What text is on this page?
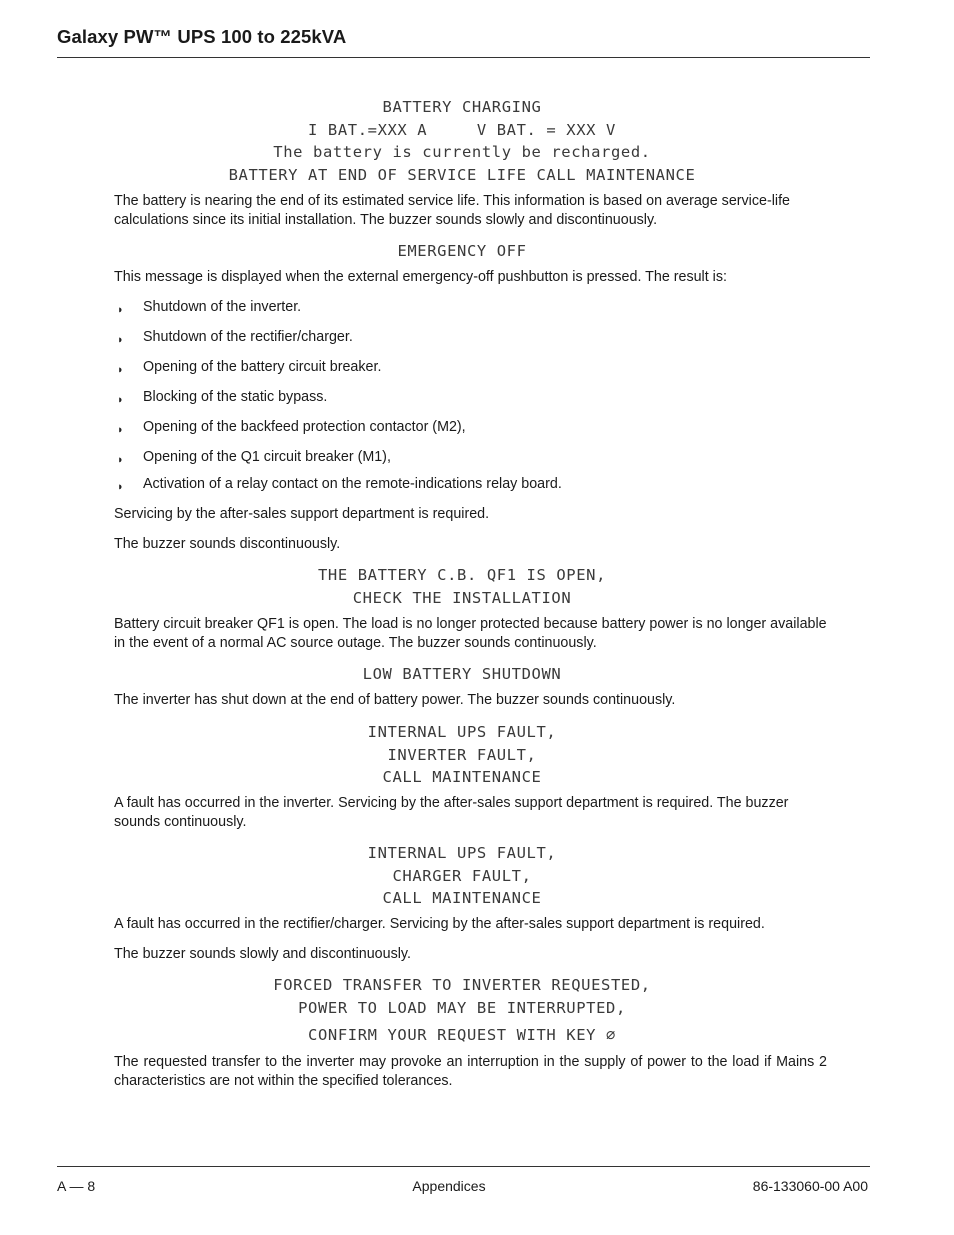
Galaxy PW™ UPS 100 to 225kVA
BATTERY CHARGING
I BAT.=XXX A     V BAT. = XXX V
The battery is currently be recharged.
BATTERY AT END OF SERVICE LIFE CALL MAINTENANCE
The battery is nearing the end of its estimated service life. This information is based on average service-life calculations since its initial installation. The buzzer sounds slowly and discontinuously.
EMERGENCY OFF
This message is displayed when the external emergency-off pushbutton is pressed. The result is:
◗ Shutdown of the inverter.
◗ Shutdown of the rectifier/charger.
◗ Opening of the battery circuit breaker.
◗ Blocking of the static bypass.
◗ Opening of the backfeed protection contactor (M2),
◗ Opening of the Q1 circuit breaker (M1),
◗ Activation of a relay contact on the remote-indications relay board.
Servicing by the after-sales support department is required.
The buzzer sounds discontinuously.
THE BATTERY C.B. QF1 IS OPEN,
CHECK THE INSTALLATION
Battery circuit breaker QF1 is open. The load is no longer protected because battery power is no longer available in the event of a normal AC source outage. The buzzer sounds continuously.
LOW BATTERY SHUTDOWN
The inverter has shut down at the end of battery power. The buzzer sounds continuously.
INTERNAL UPS FAULT,
INVERTER FAULT,
CALL MAINTENANCE
A fault has occurred in the inverter. Servicing by the after-sales support department is required. The buzzer sounds continuously.
INTERNAL UPS FAULT,
CHARGER FAULT,
CALL MAINTENANCE
A fault has occurred in the rectifier/charger. Servicing by the after-sales support department is required.
The buzzer sounds slowly and discontinuously.
FORCED TRANSFER TO INVERTER REQUESTED,
POWER TO LOAD MAY BE INTERRUPTED,
CONFIRM YOUR REQUEST WITH KEY ⌀
The requested transfer to the inverter may provoke an interruption in the supply of power to the load if Mains 2 characteristics are not within the specified tolerances.
A — 8	Appendices	86-133060-00 A00
